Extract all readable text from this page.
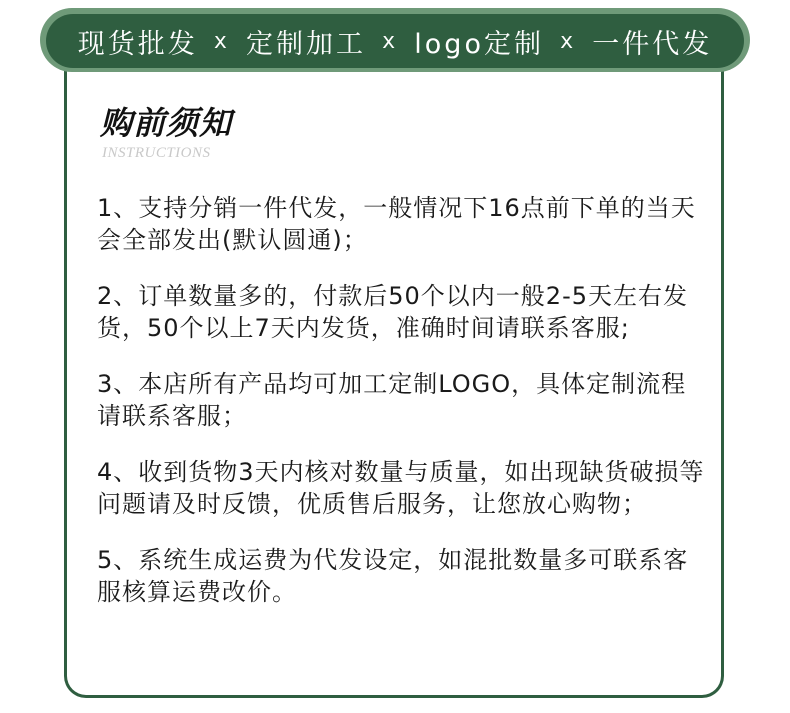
现货批发 x 定制加工 x logo定制 x 一件代发
购前须知
INSTRUCTIONS
1、支持分销一件代发，一般情况下16点前下单的当天会全部发出(默认圆通)；
2、订单数量多的，付款后50个以内一般2-5天左右发货，50个以上7天内发货，准确时间请联系客服;
3、本店所有产品均可加工定制LOGO，具体定制流程请联系客服；
4、收到货物3天内核对数量与质量，如出现缺货破损等问题请及时反馈，优质售后服务，让您放心购物；
5、系统生成运费为代发设定，如混批数量多可联系客服核算运费改价。
